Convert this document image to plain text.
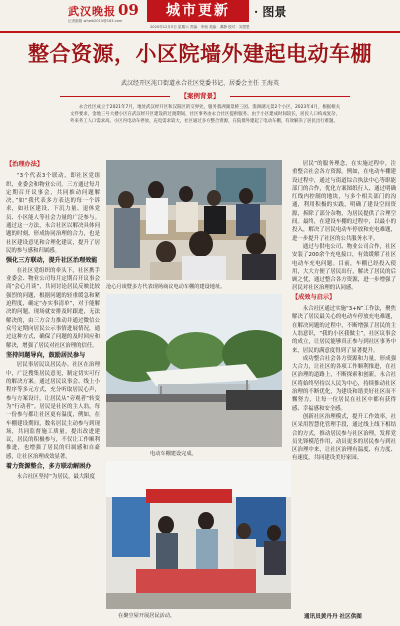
武汉晚报 09
记者邮箱 whwb2015@163.com
城市更新	· 图景
2020年12月5日 星期六 责编：李奥 美编：谭静 校对：刘思思
整合资源，小区院墙外建起电动车棚
武汉经开区沌口街道永合社区党委书记、居委会主任 王海英
【案例背景】

永合社区成立于2021年7月，地处武汉经开区和汉阳区的交界处，服务翡洲湖景桥三园、翡洲湖元景2个小区，2023年4月，根据相关文件要求，金地三号大楼小区在武汉经开区建设的过渡期间，社区事务由永合社区提供服务。由于小区建成时间较长，居民人口构成复杂，外来务工人口需求高。小区内电动车停放、充电需求较大，社区通过多方整合资源，在院墙外建起了电动车棚，有效解决了居民出行难题。

【治理办法】

“3个代表3个联动，即社区党组织、业委会和物业公司。三方通过每月定期召开议事会，共同推动问题解决。”如“我代表多方表达的每一个诉求，如社区建设、下沉力量、退休党员、小区能人等社会力量的广泛参与。通过这一方法，永合社区以解决具体问题的时刻，形成协同治理的合力，也是社区建设意见和合理化建议，提升了居民的参与感和归属感。

强化三方联动，提升社区治理效能

在社区党组织的牵头下，社区携手业委会、物业公司每月定期召开议事会商“会心月谈”，共同讨论居民反映比较强烈的问题，根据问题的轻重缓急和紧迫程度，确定“办实事清单”，对于能解决的问题，现场就安排及时跟进，无法解决的，由三方合力推动并通过微信公众号定期向居民公示事情进展情况，通过这种方式，确保了问题的及时回应和解决，增强了居民对社区治理的信任。

坚持问题导向，鼓励居民参与

居民事居民议居民办。社区在治理中，广泛搜集居民意见，制定切实可行的解决方案。通过居民议事会、线上小程序等多元方式，充分听取居民心声，参与方案设计，让居民从“旁观者”转变为“行动者”。居民是社区的主人翁，每一份参与都让社区更有温度，例如，在车棚建设期间，数名居民主动参与到现场，共同监督施工质量，提出改进建议，居民的积极参与，不仅让工作顺利推进，也增强了居民的归属感和自豪感，让社区治理成效显著。

着力资源整合，多方联动解困办

永合社区坚持“为居民，最大限度

沧心月谈暨多方代表现场商议电动车棚的建设地址。
电动车棚建设完成。
在聚空屋开展居民活动。

居民”的服务理念，在实施过程中，注重整合社会各方资源。例如，在电动车棚建设过程中，通过与街道综合执法中心等职能部门的合作，优化方案图纸行人、通过明确红线内控制的地块，与多个相关部门的沟通，利用积极的实践，明确了建设空间资源，拆除了部分杂物，为居民提供了合理空间。最终，在建设车棚的过程中，以最小的投入，解决了居民电动车停放和充电难题，进一步提升了社区的公共服务水平。

通过与供电公司、物业公司合作，社区安装了200余个充电接口，有效缓解了社区电动车充电问题。目前，车棚已经投入使用，大大方便了居民出行，解决了居民的后顾之忧，通过整合各方资源，进一步增强了居民对社区治理的认同感。

【成效与启示】

永合社区通过实施“3+N”工作法，聚焦解决了居民最关心的电动车停放充电难题，在解决问题的过程中，不断增强了居民的主人翁意识，“我的小区我做主”，社区议事会的成立，让居民能够真正参与到社区事务中来，居民的满意度得到了显著提升。

成功整合社会各方资源和力量，形成强大合力，让社区的各项工作顺利推进，在社区治理的道路上，不断探索和创新，永合社区将始终坚持以人民为中心，持续推动社区治理的不断优化，为建设和谐美好社区而不懈努力，让每一位居民在社区中都有获得感、幸福感和安全感。

创新社区治理模式，提升工作效率，社区采用智慧化管理手段，通过线上线下相结合的方式，推动居民参与社区治理，发挥党员先锋模范作用，动员更多的居民参与到社区治理中来，让社区治理有温度、有力度、有速度，共同建设美好家园。

通讯员黄丹丹 社区供图
